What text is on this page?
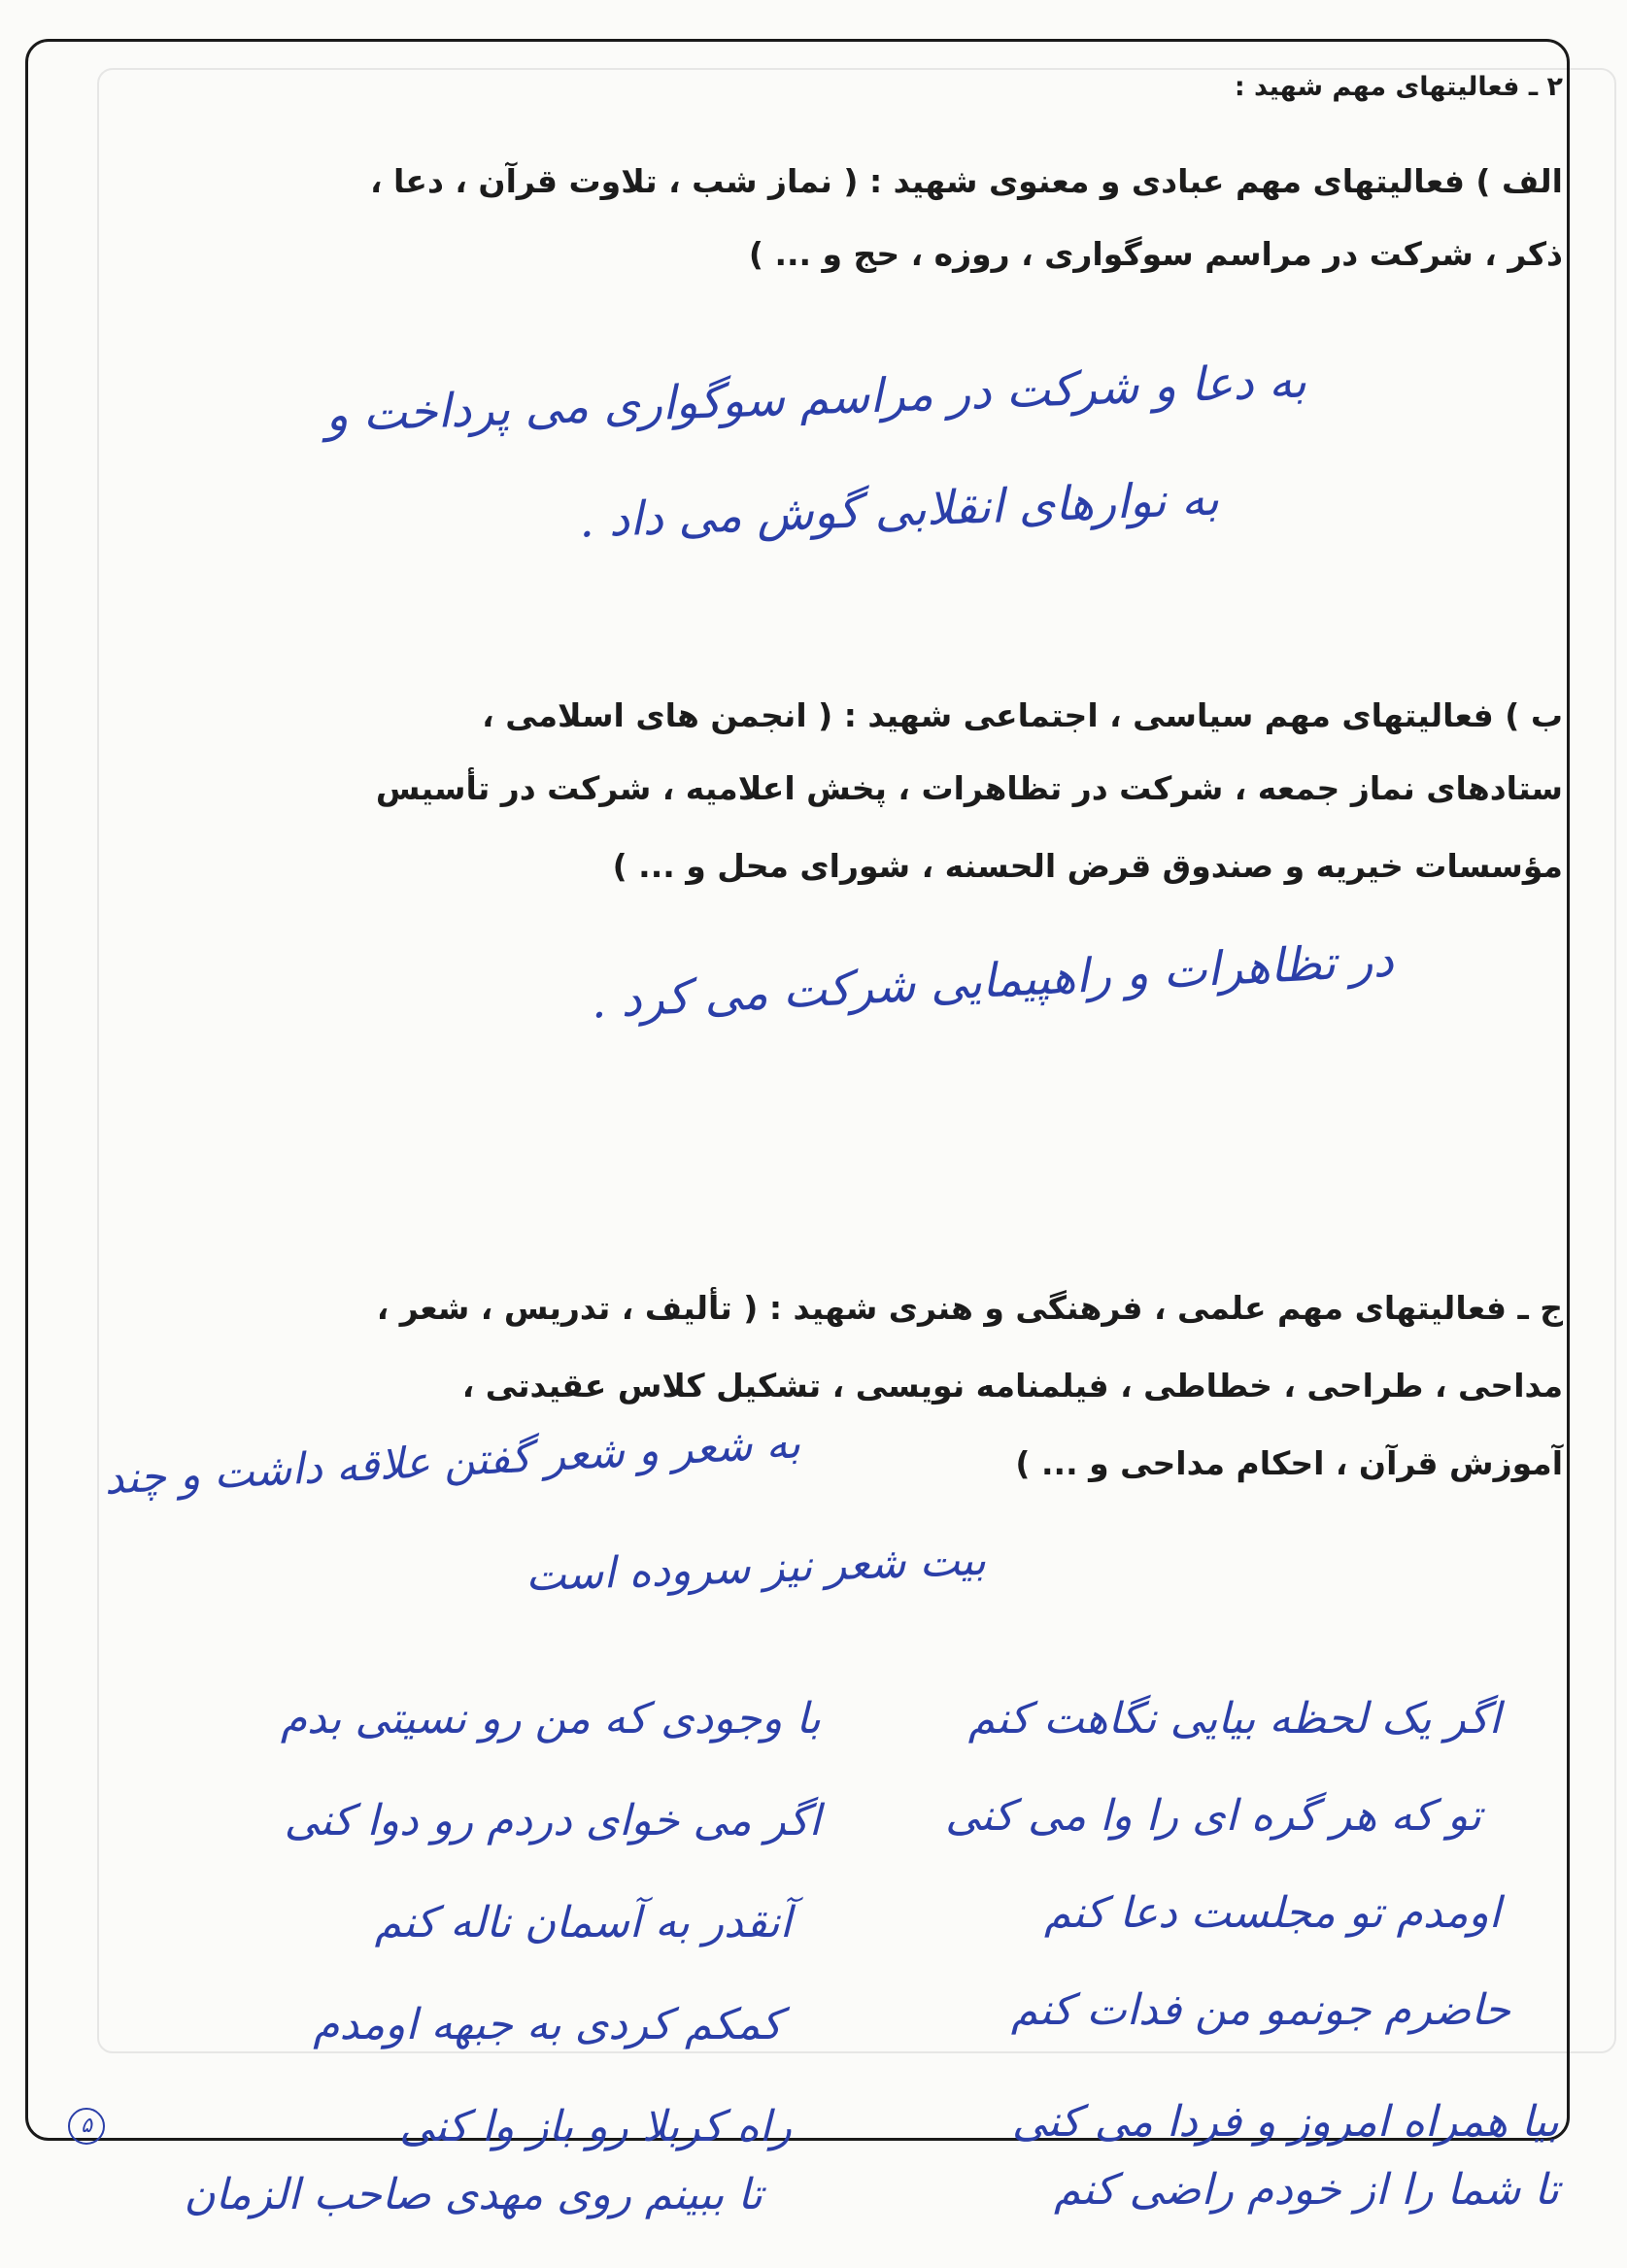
۲ ـ فعالیتهای مهم شهید :
الف ) فعالیتهای مهم عبادی و معنوی شهید : ( نماز شب ، تلاوت قرآن ، دعا ،
ذکر ، شرکت در مراسم سوگواری ، روزه ، حج و ... )
به دعا و شرکت در مراسم سوگواری می پرداخت و
به نوارهای انقلابی گوش می داد .
ب ) فعالیتهای مهم سیاسی ، اجتماعی شهید : ( انجمن های اسلامی ،
ستادهای نماز جمعه ، شرکت در تظاهرات ، پخش اعلامیه ، شرکت در تأسیس
مؤسسات خیریه و صندوق قرض الحسنه ، شورای محل و ... )
در تظاهرات و راهپیمایی شرکت می کرد .
ج ـ فعالیتهای مهم علمی ، فرهنگی و هنری شهید : ( تألیف ، تدریس ، شعر ،
مداحی ، طراحی ، خطاطی ، فیلمنامه نویسی ، تشکیل کلاس عقیدتی ،
آموزش قرآن ، احکام مداحی و ... )
به شعر و شعر گفتن علاقه داشت و چند
بیت شعر نیز سروده است
اگر یک لحظه بیایی نگاهت کنم
تو که هر گره ای را وا می کنی
اومدم تو مجلست دعا کنم
حاضرم جونمو من فدات کنم
بیا همراه امروز و فردا می کنی
تا شما را از خودم راضی کنم
با وجودی که من رو نسیتی بدم
اگر می خوای دردم رو دوا کنی
آنقدر به آسمان ناله کنم
کمکم کردی به جبهه اومدم
راه کربلا رو باز وا کنی
تا ببینم روی مهدی صاحب الزمان
۵
